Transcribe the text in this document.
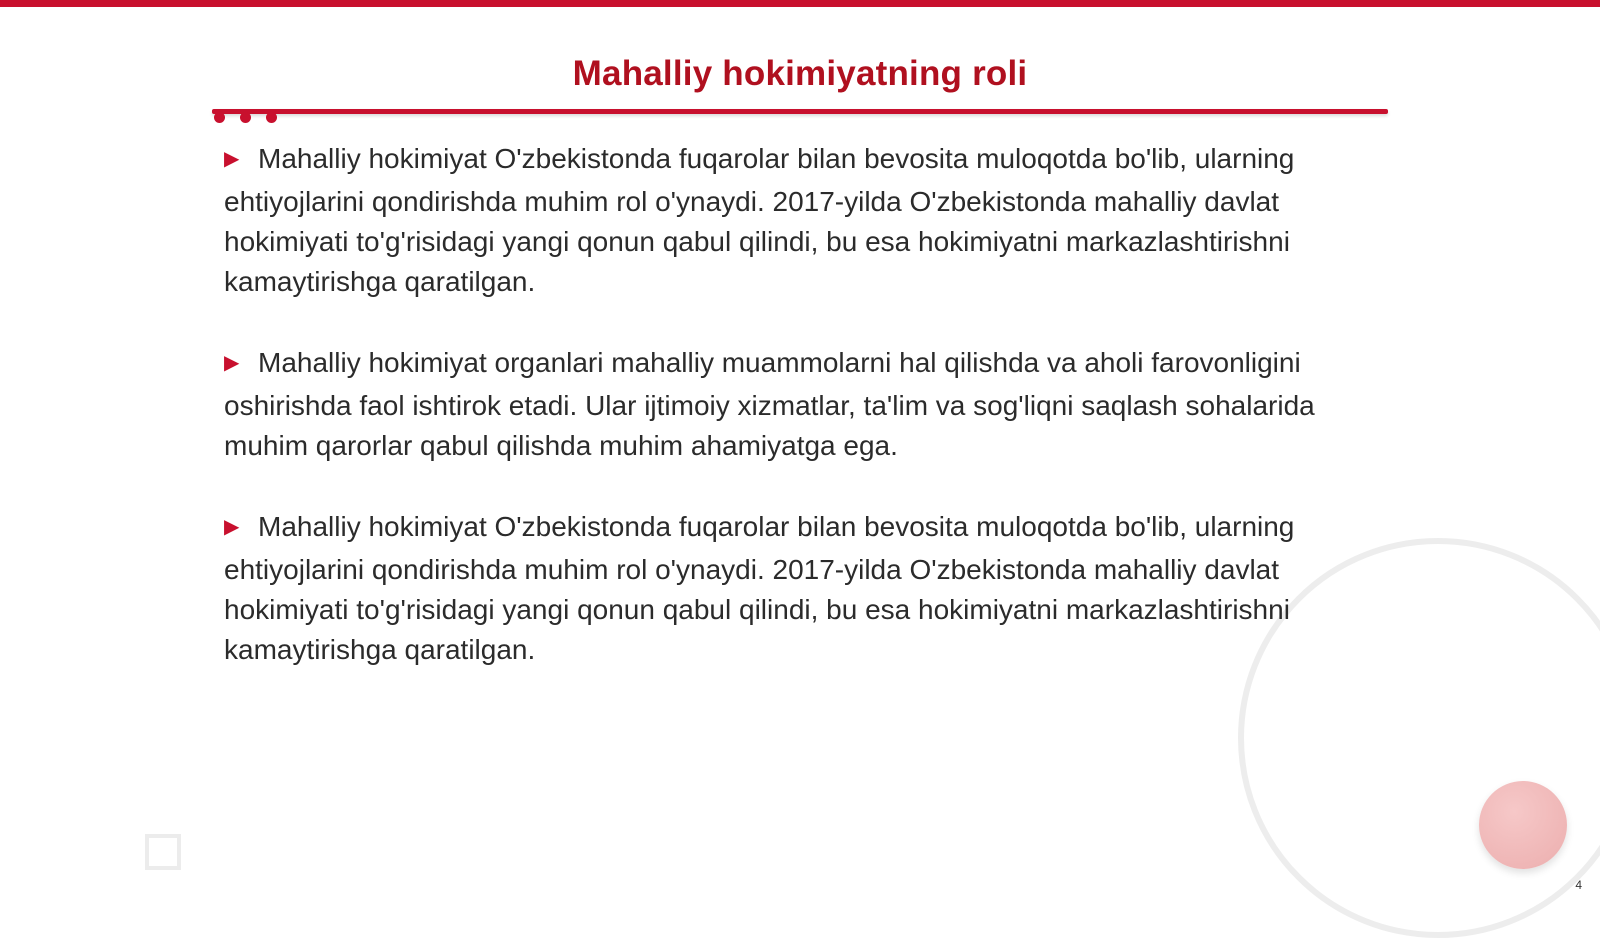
Mahalliy hokimiyatning roli

▶ Mahalliy hokimiyat O'zbekistonda fuqarolar bilan bevosita muloqotda bo'lib, ularning ehtiyojlarini qondirishda muhim rol o'ynaydi. 2017-yilda O'zbekistonda mahalliy davlat hokimiyati to'g'risidagi yangi qonun qabul qilindi, bu esa hokimiyatni markazlashtirishni kamaytirishga qaratilgan.

▶ Mahalliy hokimiyat organlari mahalliy muammolarni hal qilishda va aholi farovonligini oshirishda faol ishtirok etadi. Ular ijtimoiy xizmatlar, ta'lim va sog'liqni saqlash sohalarida muhim qarorlar qabul qilishda muhim ahamiyatga ega.

▶ Mahalliy hokimiyat O'zbekistonda fuqarolar bilan bevosita muloqotda bo'lib, ularning ehtiyojlarini qondirishda muhim rol o'ynaydi. 2017-yilda O'zbekistonda mahalliy davlat hokimiyati to'g'risidagi yangi qonun qabul qilindi, bu esa hokimiyatni markazlashtirishni kamaytirishga qaratilgan.

4
